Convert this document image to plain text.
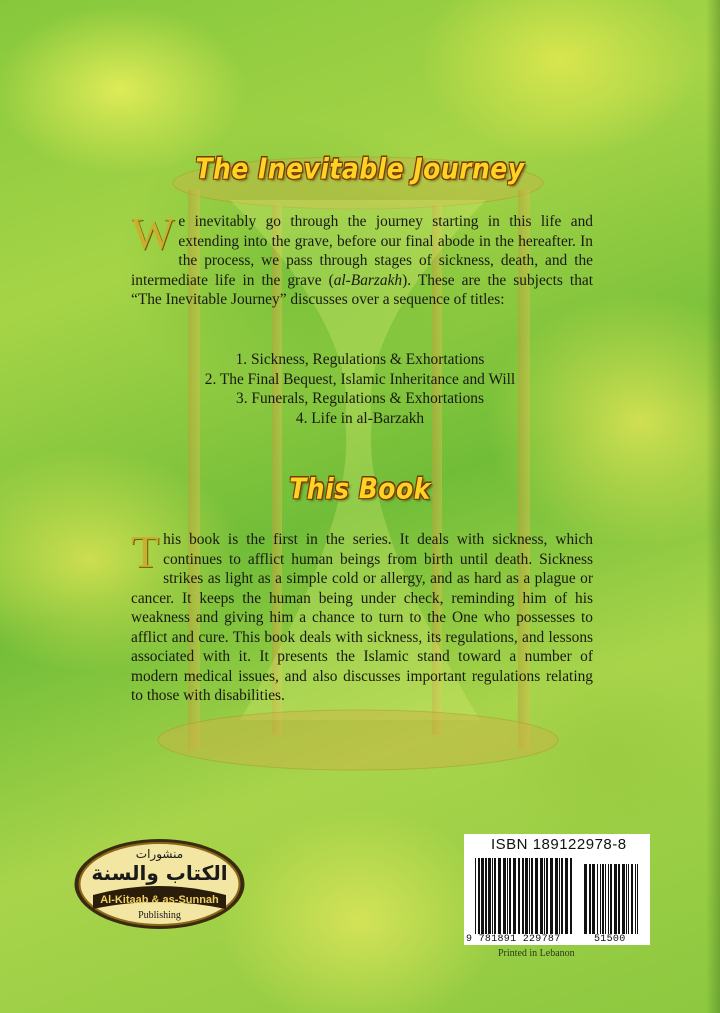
The Inevitable Journey
We inevitably go through the journey starting in this life and extending into the grave, before our final abode in the hereafter. In the process, we pass through stages of sickness, death, and the intermediate life in the grave (al-Barzakh). These are the subjects that “The Inevitable Journey” discusses over a sequence of titles:
1. Sickness, Regulations & Exhortations
2. The Final Bequest, Islamic Inheritance and Will
3. Funerals, Regulations & Exhortations
4. Life in al-Barzakh
This Book
This book is the first in the series. It deals with sickness, which continues to afflict human beings from birth until death. Sickness strikes as light as a simple cold or allergy, and as hard as a plague or cancer. It keeps the human being under check, reminding him of his weakness and giving him a chance to turn to the One who possesses to afflict and cure. This book deals with sickness, its regulations, and lessons associated with it. It presents the Islamic stand toward a number of modern medical issues, and also discusses important regulations relating to those with disabilities.
منشورات
الكتاب والسنة
Al-Kitaab & as-Sunnah
Publishing
ISBN 189122978-8
9 781891 229787	51500
Printed in Lebanon
